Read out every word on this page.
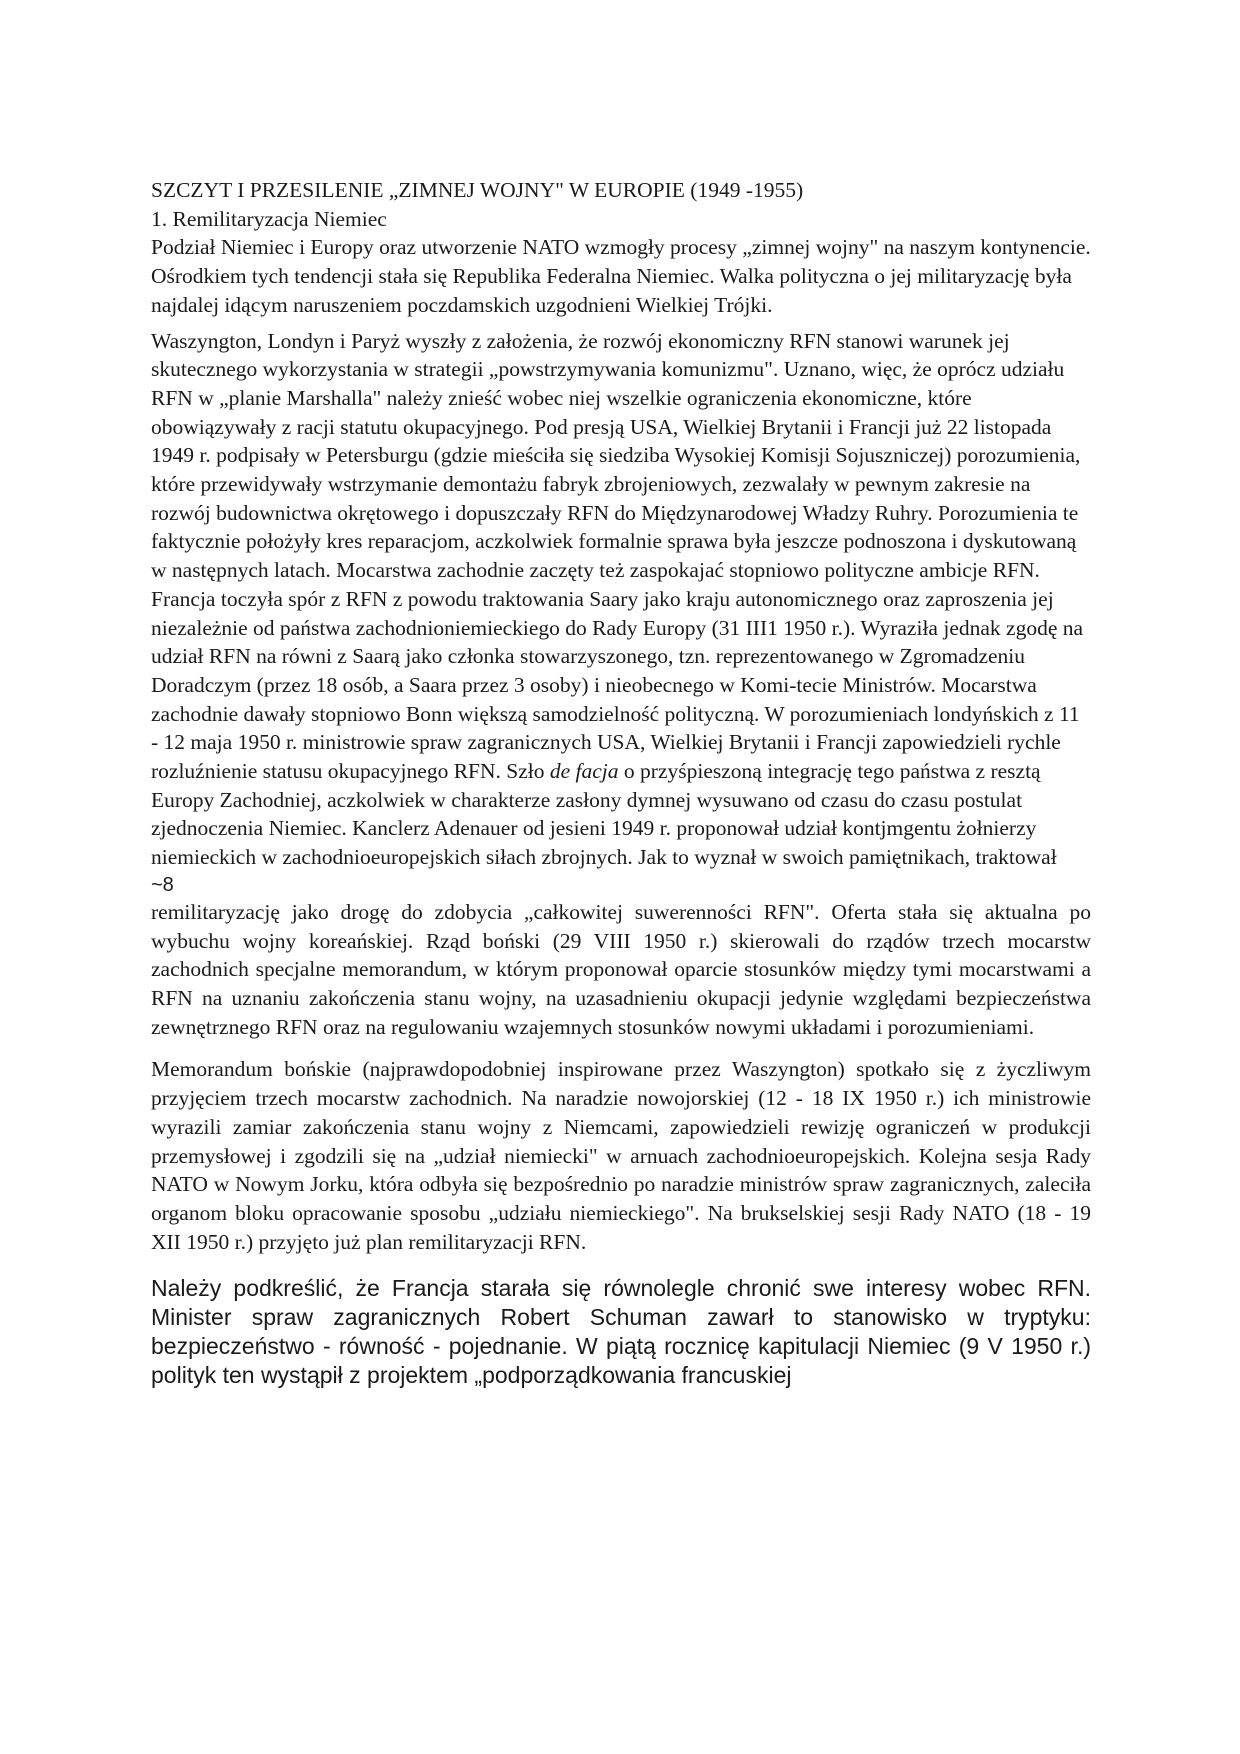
SZCZYT I PRZESILENIE „ZIMNEJ WOJNY" W EUROPIE (1949 -1955)

1. Remilitaryzacja Niemiec

Podział Niemiec i Europy oraz utworzenie NATO wzmogły procesy „zimnej wojny" na naszym kontynencie. Ośrodkiem tych tendencji stała się Republika Federalna Niemiec. Walka polityczna o jej militaryzację była najdalej idącym naruszeniem poczdamskich uzgodnieni Wielkiej Trójki.

Waszyngton, Londyn i Paryż wyszły z założenia, że rozwój ekonomiczny RFN stanowi warunek jej skutecznego wykorzystania w strategii „powstrzymywania komunizmu". Uznano, więc, że oprócz udziału RFN w „planie Marshalla" należy znieść wobec niej wszelkie ograniczenia ekonomiczne, które obowiązywały z racji statutu okupacyjnego. Pod presją USA, Wielkiej Brytanii i Francji już 22 listopada 1949 r. podpisały w Petersburgu (gdzie mieściła się siedziba Wysokiej Komisji Sojuszniczej) porozumienia, które przewidywały wstrzymanie demontażu fabryk zbrojeniowych, zezwalały w pewnym zakresie na rozwój budownictwa okrętowego i dopuszczały RFN do Międzynarodowej Władzy Ruhry. Porozumienia te faktycznie położyły kres reparacjom, aczkolwiek formalnie sprawa była jeszcze podnoszona i dyskutowaną w następnych latach. Mocarstwa zachodnie zaczęty też zaspokajać stopniowo polityczne ambicje RFN. Francja toczyła spór z RFN z powodu traktowania Saary jako kraju autonomicznego oraz zaproszenia jej niezależnie od państwa zachodnioniemieckiego do Rady Europy (31 III1 1950 r.). Wyraziła jednak zgodę na udział RFN na równi z Saarą jako członka stowarzyszonego, tzn. reprezentowanego w Zgromadzeniu Doradczym (przez 18 osób, a Saara przez 3 osoby) i nieobecnego w Komi-tecie Ministrów. Mocarstwa zachodnie dawały stopniowo Bonn większą samodzielność polityczną. W porozumieniach londyńskich z 11 - 12 maja 1950 r. ministrowie spraw zagranicznych USA, Wielkiej Brytanii i Francji zapowiedzieli rychle rozluźnienie statusu okupacyjnego RFN. Szło de facja o przyśpieszoną integrację tego państwa z resztą Europy Zachodniej, aczkolwiek w charakterze zasłony dymnej wysuwano od czasu do czasu postulat zjednoczenia Niemiec. Kanclerz Adenauer od jesieni 1949 r. proponował udział kontjmgentu żołnierzy niemieckich w zachodnioeuropejskich siłach zbrojnych. Jak to wyznał w swoich pamiętnikach, traktował

~8

remilitaryzację jako drogę do zdobycia „całkowitej suwerenności RFN". Oferta stała się aktualna po wybuchu wojny koreańskiej. Rząd boński (29 VIII 1950 r.) skierowali do rządów trzech mocarstw zachodnich specjalne memorandum, w którym proponował oparcie stosunków między tymi mocarstwami a RFN na uznaniu zakończenia stanu wojny, na uzasadnieniu okupacji jedynie względami bezpieczeństwa zewnętrznego RFN oraz na regulowaniu wzajemnych stosunków nowymi układami i porozumieniami.

Memorandum bońskie (najprawdopodobniej inspirowane przez Waszyngton) spotkało się z życzliwym przyjęciem trzech mocarstw zachodnich. Na naradzie nowojorskiej (12 - 18 IX 1950 r.) ich ministrowie wyrazili zamiar zakończenia stanu wojny z Niemcami, zapowiedzieli rewizję ograniczeń w produkcji przemysłowej i zgodzili się na „udział niemiecki" w arnuach zachodnioeuropejskich. Kolejna sesja Rady NATO w Nowym Jorku, która odbyła się bezpośrednio po naradzie ministrów spraw zagranicznych, zaleciła organom bloku opracowanie sposobu „udziału niemieckiego". Na brukselskiej sesji Rady NATO (18 - 19 XII 1950 r.) przyjęto już plan remilitaryzacji RFN.

Należy podkreślić, że Francja starała się równolegle chronić swe interesy wobec RFN. Minister spraw zagranicznych Robert Schuman zawarł to stanowisko w tryptyku: bezpieczeństwo - równość - pojednanie. W piątą rocznicę kapitulacji Niemiec (9 V 1950 r.) polityk ten wystąpił z projektem „podporządkowania francuskiej
